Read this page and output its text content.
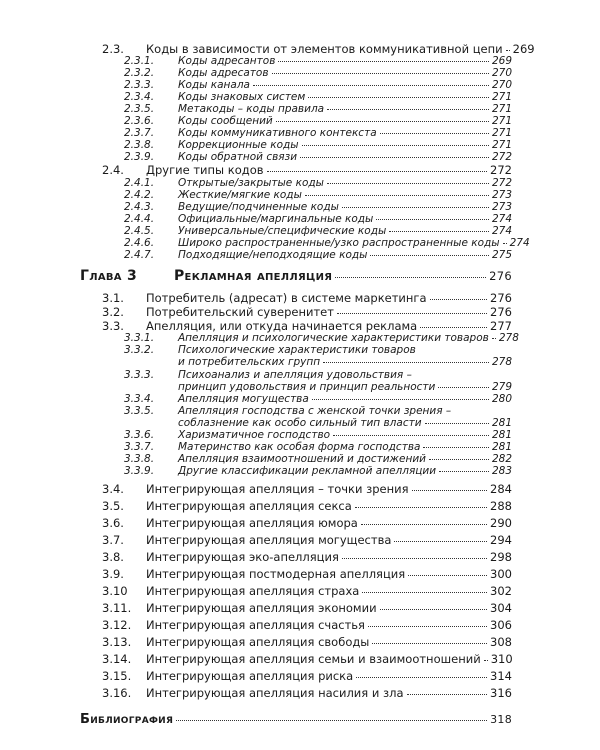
2.3.	Коды в зависимости от элементов коммуникативной цепи 269
2.3.1.	Коды адресантов	269
2.3.2.	Коды адресатов	270
2.3.3.	Коды канала	270
2.3.4.	Коды знаковых систем	271
2.3.5.	Метакоды – коды правила	271
2.3.6.	Коды сообщений	271
2.3.7.	Коды коммуникативного контекста	271
2.3.8.	Коррекционные коды	271
2.3.9.	Коды обратной связи	272
2.4.	Другие типы кодов	272
2.4.1.	Открытые/закрытые коды	272
2.4.2.	Жесткие/мягкие коды	273
2.4.3.	Ведущие/подчиненные коды	273
2.4.4.	Официальные/маргинальные коды	274
2.4.5.	Универсальные/специфические коды	274
2.4.6.	Широко распространенные/узко распространенные коды 274
2.4.7.	Подходящие/неподходящие коды	275
Глава 3	Рекламная апелляция	276
3.1.	Потребитель (адресат) в системе маркетинга	276
3.2.	Потребительский суверенитет	276
3.3.	Апелляция, или откуда начинается реклама	277
3.3.1.	Апелляция и психологические характеристики товаров 278
3.3.2. Психологические характеристики товаров
и потребительских групп	278
3.3.3. Психоанализ и апелляция удовольствия –
принцип удовольствия и принцип реальности	279
3.3.4.	Апелляция могущества	280
3.3.5. Апелляция господства с женской точки зрения –
соблазнение как особо сильный тип власти	281
3.3.6.	Харизматичное господство	281
3.3.7.	Материнство как особая форма господства	281
3.3.8.	Апелляция взаимоотношений и достижений	282
3.3.9.	Другие классификации рекламной апелляции	283
3.4.	Интегрирующая апелляция – точки зрения	284
3.5.	Интегрирующая апелляция секса	288
3.6.	Интегрирующая апелляция юмора	290
3.7.	Интегрирующая апелляция могущества	294
3.8.	Интегрирующая эко-апелляция	298
3.9.	Интегрирующая постмодерная апелляция	300
3.10	Интегрирующая апелляция страха	302
3.11.	Интегрирующая апелляция экономии	304
3.12.	Интегрирующая апелляция счастья	306
3.13.	Интегрирующая апелляция свободы	308
3.14.	Интегрирующая апелляция семьи и взаимоотношений 310
3.15.	Интегрирующая апелляция риска	314
3.16.	Интегрирующая апелляция насилия и зла	316
Библиография	318
